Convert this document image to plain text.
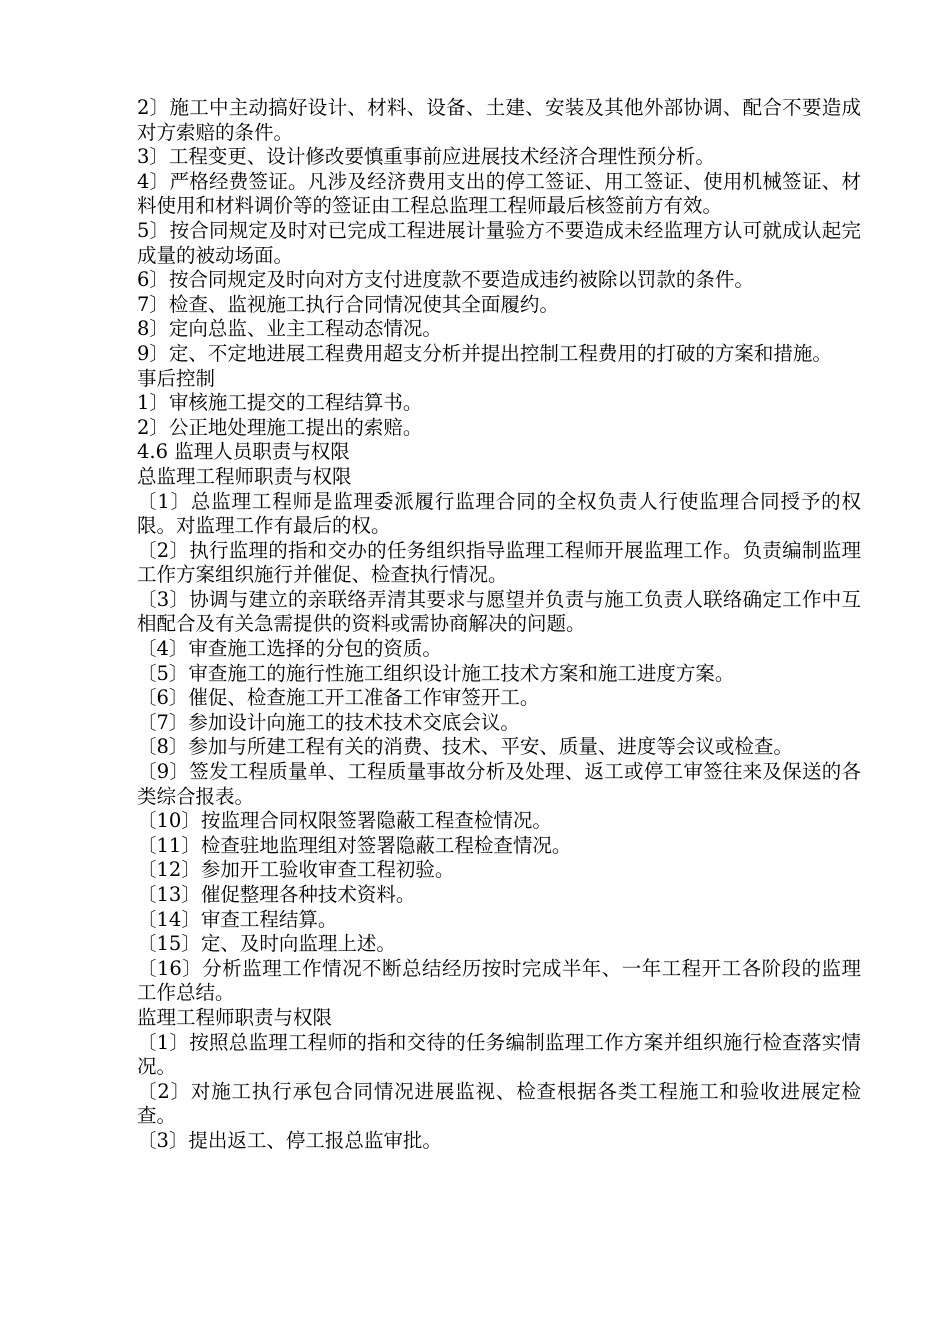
2〕施工中主动搞好设计、材料、设备、土建、安装及其他外部协调、配合不要造成对方索赔的条件。

3〕工程变更、设计修改要慎重事前应进展技术经济合理性预分析。

4〕严格经费签证。凡涉及经济费用支出的停工签证、用工签证、使用机械签证、材料使用和材料调价等的签证由工程总监理工程师最后核签前方有效。

5〕按合同规定及时对已完成工程进展计量验方不要造成未经监理方认可就成认起完成量的被动场面。

6〕按合同规定及时向对方支付进度款不要造成违约被除以罚款的条件。

7〕检查、监视施工执行合同情况使其全面履约。

8〕定向总监、业主工程动态情况。

9〕定、不定地进展工程费用超支分析并提出控制工程费用的打破的方案和措施。

事后控制

1〕审核施工提交的工程结算书。

2〕公正地处理施工提出的索赔。

4.6 监理人员职责与权限

总监理工程师职责与权限

〔1〕总监理工程师是监理委派履行监理合同的全权负责人行使监理合同授予的权限。对监理工作有最后的权。

〔2〕执行监理的指和交办的任务组织指导监理工程师开展监理工作。负责编制监理工作方案组织施行并催促、检查执行情况。

〔3〕协调与建立的亲联络弄清其要求与愿望并负责与施工负责人联络确定工作中互相配合及有关急需提供的资料或需协商解决的问题。

〔4〕审查施工选择的分包的资质。

〔5〕审查施工的施行性施工组织设计施工技术方案和施工进度方案。

〔6〕催促、检查施工开工准备工作审签开工。

〔7〕参加设计向施工的技术技术交底会议。

〔8〕参加与所建工程有关的消费、技术、平安、质量、进度等会议或检查。

〔9〕签发工程质量单、工程质量事故分析及处理、返工或停工审签往来及保送的各类综合报表。

〔10〕按监理合同权限签署隐蔽工程查检情况。

〔11〕检查驻地监理组对签署隐蔽工程检查情况。

〔12〕参加开工验收审查工程初验。

〔13〕催促整理各种技术资料。

〔14〕审查工程结算。

〔15〕定、及时向监理上述。

〔16〕分析监理工作情况不断总结经历按时完成半年、一年工程开工各阶段的监理工作总结。

监理工程师职责与权限

〔1〕按照总监理工程师的指和交待的任务编制监理工作方案并组织施行检查落实情况。

〔2〕对施工执行承包合同情况进展监视、检查根据各类工程施工和验收进展定检查。

〔3〕提出返工、停工报总监审批。
